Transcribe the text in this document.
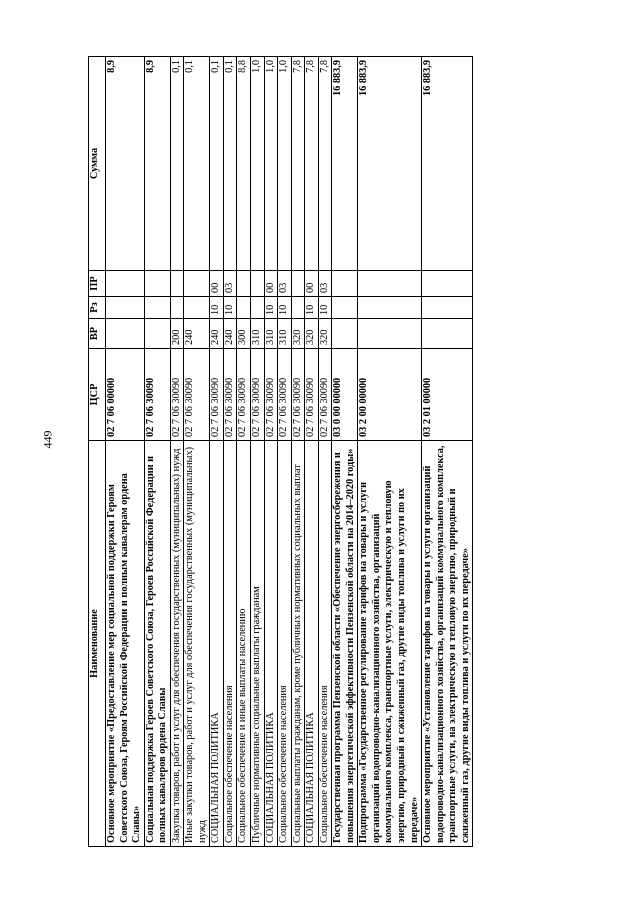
449
Наименование	ЦСР	ВР	Рз	ПР	Сумма
Основное мероприятие «Предоставление мер социальной поддержки Героям Советского Союза, Героям Российской Федерации и полным кавалерам ордена Славы»	02 7 06 00000				8,9
Социальная поддержка Героев Советского Союза, Героев Российской Федерации и полных кавалеров ордена Славы	02 7 06 30090				8,9
Закупка товаров, работ и услуг для обеспечения государственных (муниципальных) нужд	02 7 06 30090	200			0,1
Иные закупки товаров, работ и услуг для обеспечения государственных (муниципальных) нужд	02 7 06 30090	240			0,1
СОЦИАЛЬНАЯ ПОЛИТИКА	02 7 06 30090	240	10	00	0,1
Социальное обеспечение населения	02 7 06 30090	240	10	03	0,1
Социальное обеспечение и иные выплаты населению	02 7 06 30090	300			8,8
Публичные нормативные социальные выплаты гражданам	02 7 06 30090	310			1,0
СОЦИАЛЬНАЯ ПОЛИТИКА	02 7 06 30090	310	10	00	1,0
Социальное обеспечение населения	02 7 06 30090	310	10	03	1,0
Социальные выплаты гражданам, кроме публичных нормативных социальных выплат	02 7 06 30090	320			7,8
СОЦИАЛЬНАЯ ПОЛИТИКА	02 7 06 30090	320	10	00	7,8
Социальное обеспечение населения	02 7 06 30090	320	10	03	7,8
Государственная программа Пензенской области «Обеспечение энергосбережения и повышения энергетической эффективности Пензенской области на 2014–2020 годы»	03 0 00 00000				16 883,9
Подпрограмма «Государственное регулирование тарифов на товары и услуги организаций водопроводно-канализационного хозяйства, организаций коммунального комплекса, транспортные услуги, электрическую и тепловую энергию, природный и сжиженный газ, другие виды топлива и услуги по их передаче»	03 2 00 00000				16 883,9
Основное мероприятие «Установление тарифов на товары и услуги организаций водопроводно-канализационного хозяйства, организаций коммунального комплекса, транспортные услуги, на электрическую и тепловую энергию, природный и сжиженный газ, другие виды топлива и услуги по их передаче»	03 2 01 00000				16 883,9
